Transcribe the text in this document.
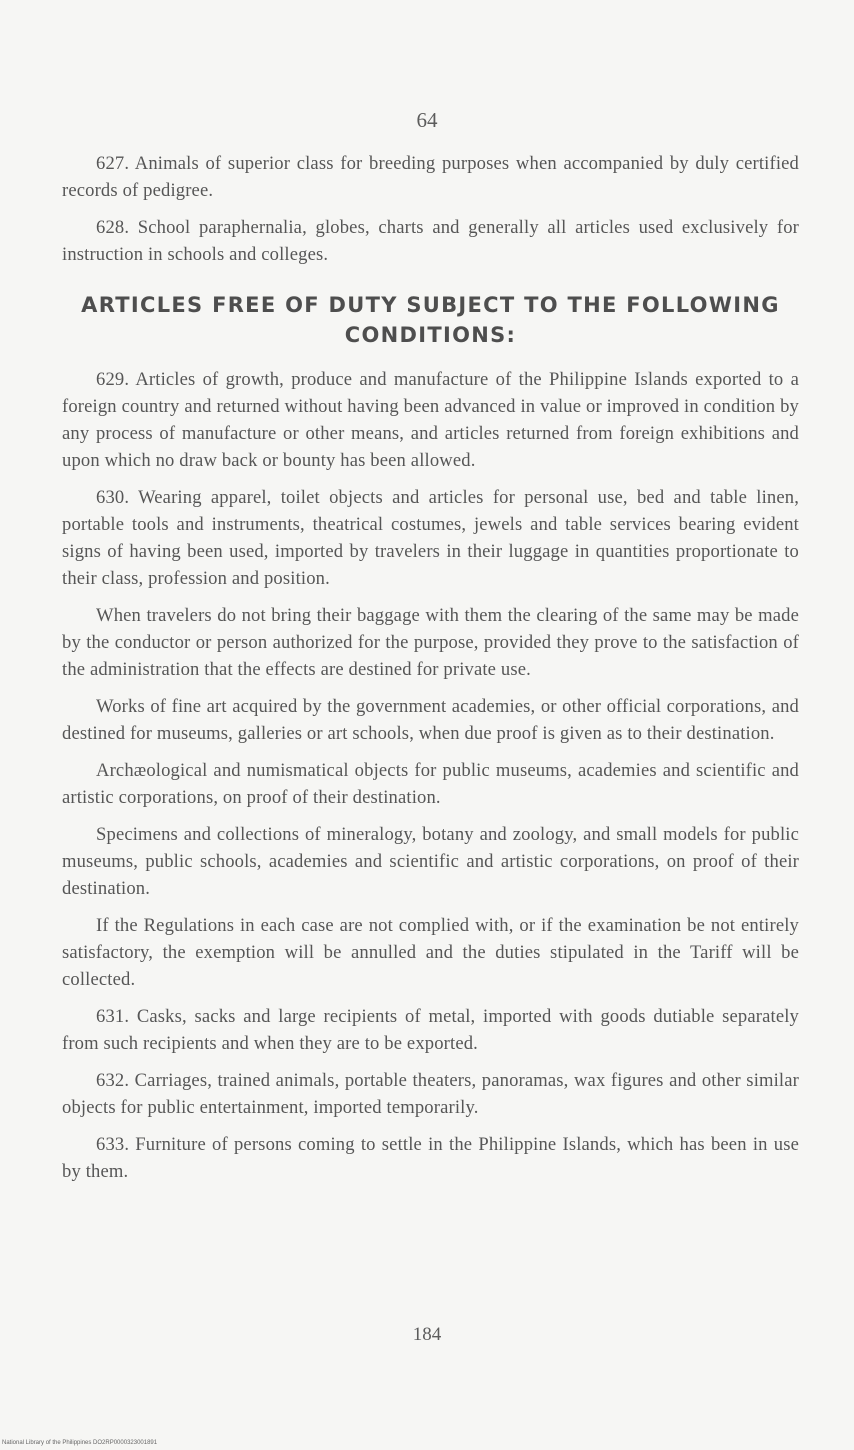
64

627. Animals of superior class for breeding purposes when accompanied by duly certified records of pedigree.

628. School paraphernalia, globes, charts and generally all articles used exclusively for instruction in schools and colleges.

ARTICLES FREE OF DUTY SUBJECT TO THE FOLLOWING CONDITIONS:

629. Articles of growth, produce and manufacture of the Philippine Islands exported to a foreign country and returned without having been advanced in value or improved in condition by any process of manufacture or other means, and articles returned from foreign exhibitions and upon which no draw back or bounty has been allowed.

630. Wearing apparel, toilet objects and articles for personal use, bed and table linen, portable tools and instruments, theatrical costumes, jewels and table services bearing evident signs of having been used, imported by travelers in their luggage in quantities proportionate to their class, profession and position.

When travelers do not bring their baggage with them the clearing of the same may be made by the conductor or person authorized for the purpose, provided they prove to the satisfaction of the administration that the effects are destined for private use.

Works of fine art acquired by the government academies, or other official corporations, and destined for museums, galleries or art schools, when due proof is given as to their destination.

Archæological and numismatical objects for public museums, academies and scientific and artistic corporations, on proof of their destination.

Specimens and collections of mineralogy, botany and zoology, and small models for public museums, public schools, academies and scientific and artistic corporations, on proof of their destination.

If the Regulations in each case are not complied with, or if the examination be not entirely satisfactory, the exemption will be annulled and the duties stipulated in the Tariff will be collected.

631. Casks, sacks and large recipients of metal, imported with goods dutiable separately from such recipients and when they are to be exported.

632. Carriages, trained animals, portable theaters, panoramas, wax figures and other similar objects for public entertainment, imported temporarily.

633. Furniture of persons coming to settle in the Philippine Islands, which has been in use by them.

184
National Library of the Philippines DO2RP0000323001891
